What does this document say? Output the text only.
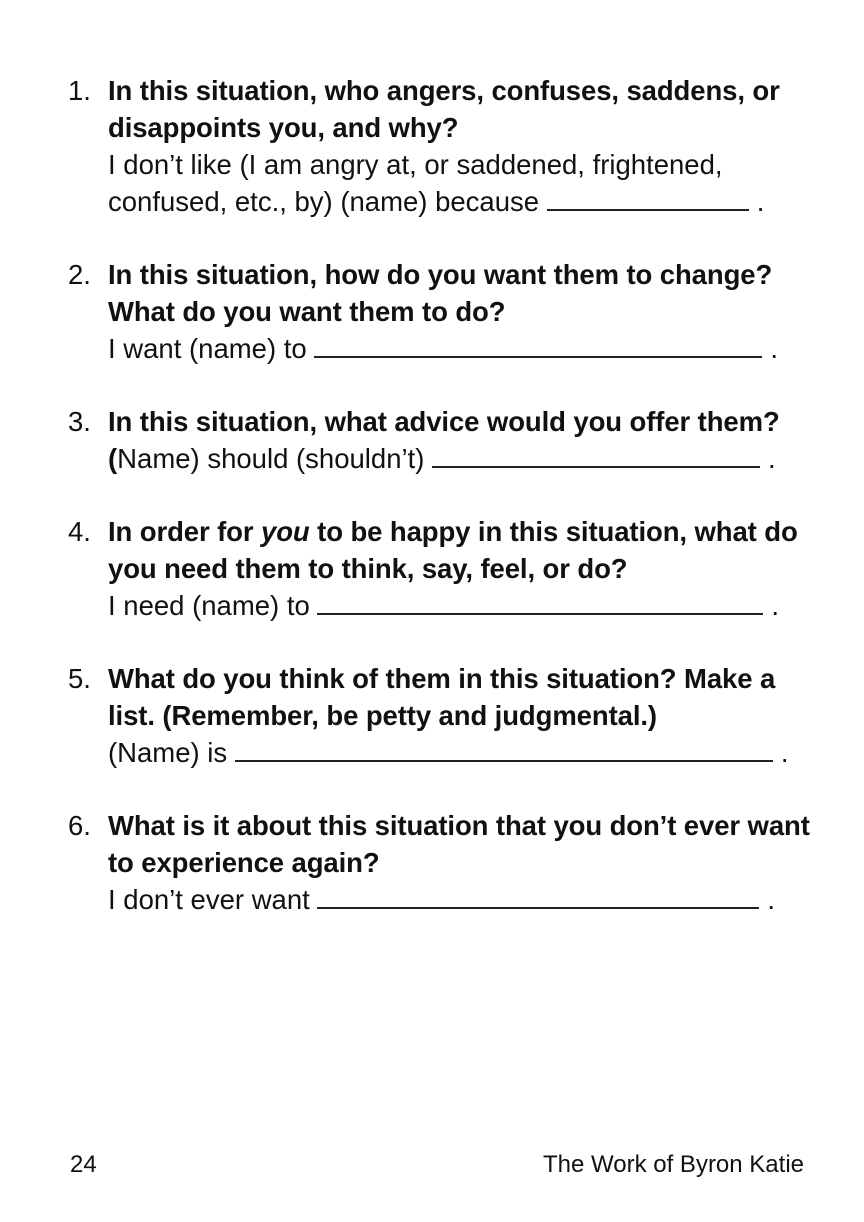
1. In this situation, who angers, confuses, saddens, or disappoints you, and why?
I don’t like (I am angry at, or saddened, frightened,
confused, etc., by) (name) because	.
2. In this situation, how do you want them to change? What do you want them to do?
I want (name) to	.
3. In this situation, what advice would you offer them?
(Name) should (shouldn’t)	.
4. In order for you to be happy in this situation, what do you need them to think, say, feel, or do?
I need (name) to	.
5. What do you think of them in this situation? Make a list. (Remember, be petty and judgmental.)
(Name) is	.
6. What is it about this situation that you don’t ever want to experience again?
I don’t ever want	.
24	The Work of Byron Katie
